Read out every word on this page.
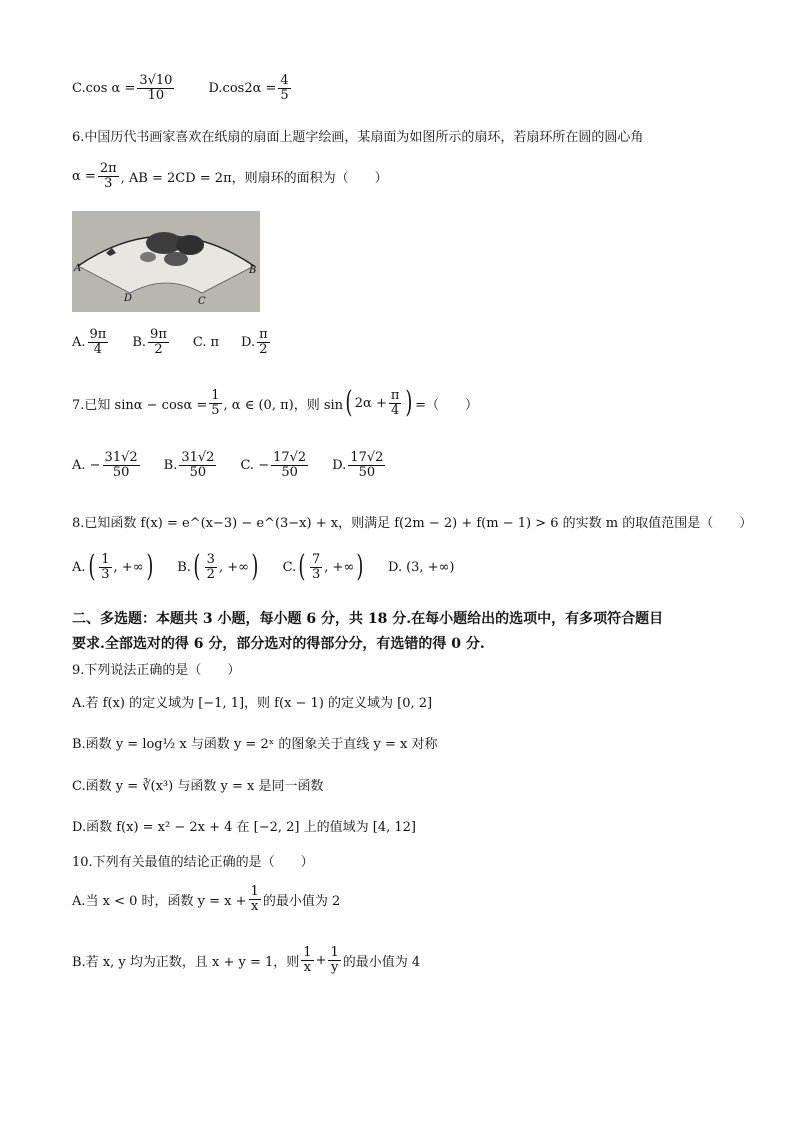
C. $\cos \alpha = \frac{3√10}{10}$	D. $\cos 2\alpha = \frac{4}{5}$
6.中国历代书画家喜欢在纸扇的扇面上题字绘画，某扇面为如图所示的扇环，若扇环所在圆的圆心角
$\alpha = \frac{2\pi}{3}$ , AB = 2CD = 2π，则扇环的面积为（　　）
A	B
C
D
A. $\frac{9\pi}{4} B$. $\frac{9\pi}{2} C$. π D. $\frac{\pi}{2}$
7.已知 $\sin\alpha - \cos\alpha = \frac{1}{5}$ , α ∈ (0, π)，则 sin ( $2\alpha + \frac{\pi}{4}$ ) =（　　）
A. − $\frac{31√2}{50} B$. $\frac{31√2}{50} C$. − $\frac{17√2}{50} D$. $\frac{17√2}{50}$
8.已知函数 f(x) = e^(x−3) − e^(3−x) + x，则满足 f(2m − 2) + f(m − 1) > 6 的实数 m 的取值范围是（　　）
A. ( $\frac{1}{3}$ , +∞ ) B. ( $\frac{3}{2}$ , +∞ ) C. ( $\frac{7}{3}$ , +∞ ) D. (3, +∞)
二、多选题：本题共 3 小题，每小题 6 分，共 18 分.在每小题给出的选项中，有多项符合题目
要求.全部选对的得 6 分，部分选对的得部分分，有选错的得 0 分.
9.下列说法正确的是（　　）
A.若 f(x) 的定义域为 [−1, 1]，则 f(x − 1) 的定义域为 [0, 2]
B.函数 y = log½ x 与函数 y = 2ˣ 的图象关于直线 y = x 对称
C.函数 y = ∛(x³) 与函数 y = x 是同一函数
D.函数 f(x) = x² − 2x + 4 在 [−2, 2] 上的值域为 [4, 12]
10.下列有关最值的结论正确的是（　　）
A.当 x < 0 时，函数 $y = x + \frac{1}{x}$ 的最小值为 2
B.若 x, y 均为正数，且 x + y = 1，则 $\frac{1}{x} + \frac{1}{y}$ 的最小值为 4
